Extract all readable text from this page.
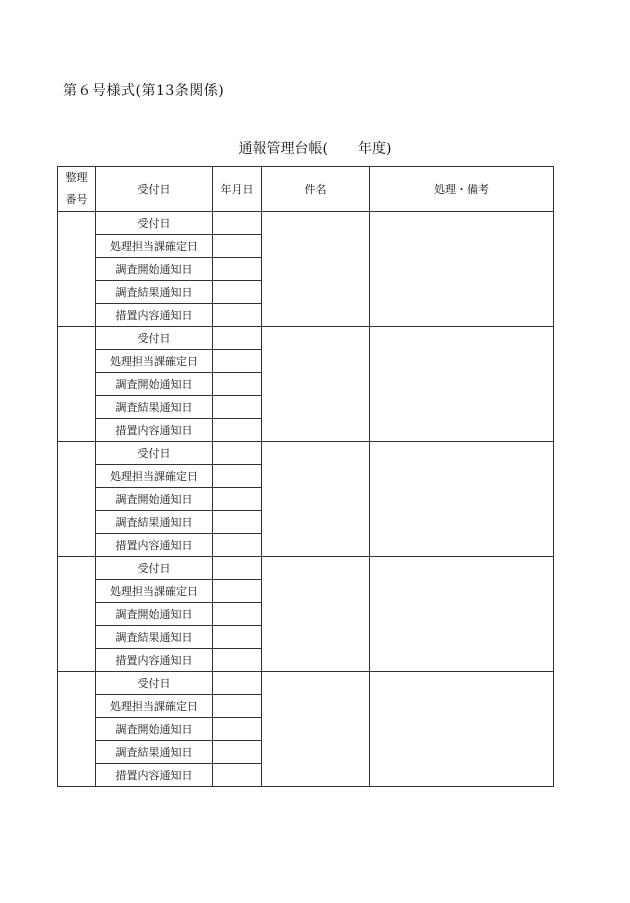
第６号様式(第13条関係)
通報管理台帳( 年度)
整理
番号	受付日	年月日	件名	処理・備考
	受付日			
	処理担当課確定日			
	調査開始通知日			
	調査結果通知日			
	措置内容通知日			
	受付日			
	処理担当課確定日			
	調査開始通知日			
	調査結果通知日			
	措置内容通知日			
	受付日			
	処理担当課確定日			
	調査開始通知日			
	調査結果通知日			
	措置内容通知日			
	受付日			
	処理担当課確定日			
	調査開始通知日			
	調査結果通知日			
	措置内容通知日			
	受付日			
	処理担当課確定日			
	調査開始通知日			
	調査結果通知日			
	措置内容通知日			
